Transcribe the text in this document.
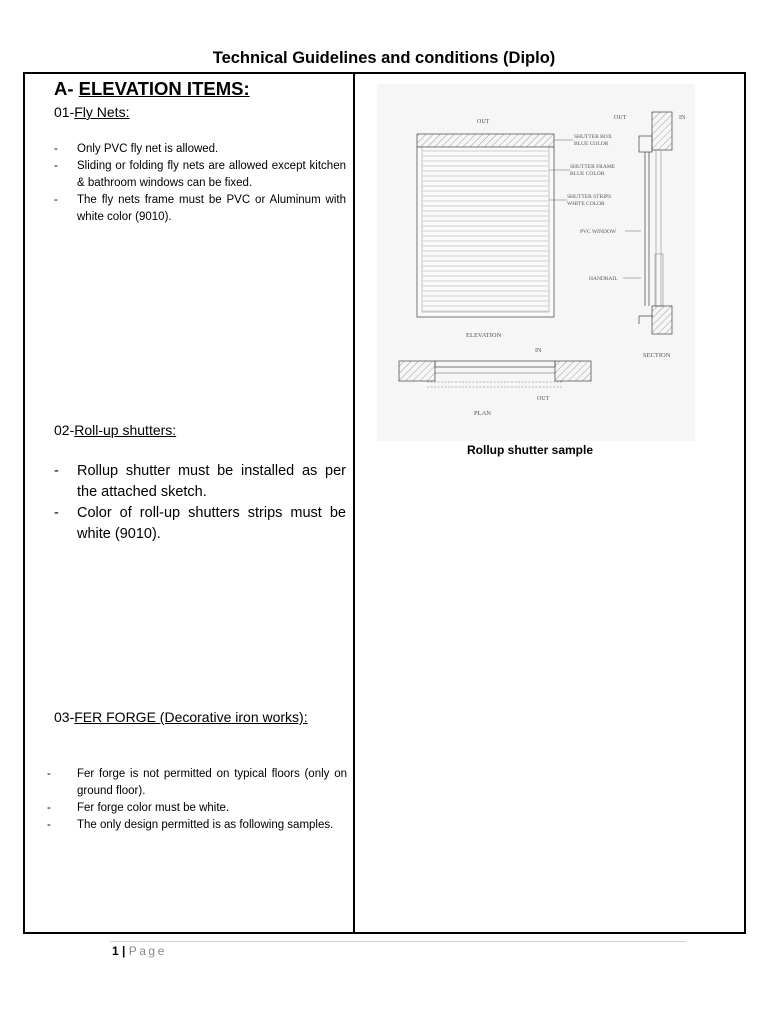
Technical Guidelines and conditions (Diplo)
A- ELEVATION ITEMS:
01-Fly Nets:
- Only PVC fly net is allowed.
- Sliding or folding fly nets are allowed except kitchen & bathroom windows can be fixed.
- The fly nets frame must be PVC or Aluminum with white color (9010).
02-Roll-up shutters:
- Rollup shutter must be installed as per the attached sketch.
- Color of roll-up shutters strips must be white (9010).
03-FER FORGE (Decorative iron works):
- Fer forge is not permitted on typical floors (only on ground floor).
- Fer forge color must be white.
- The only design permitted is as following samples.
OUT
SHUTTER BOX
BLUE COLOR
SHUTTER FRAME
BLUE COLOR
SHUTTER STRIPS
WHITE COLOR
PVC WINDOW
HANDRAIL
ELEVATION
OUT	IN
SECTION
IN
OUT
PLAN
Rollup shutter sample
1 | Page
